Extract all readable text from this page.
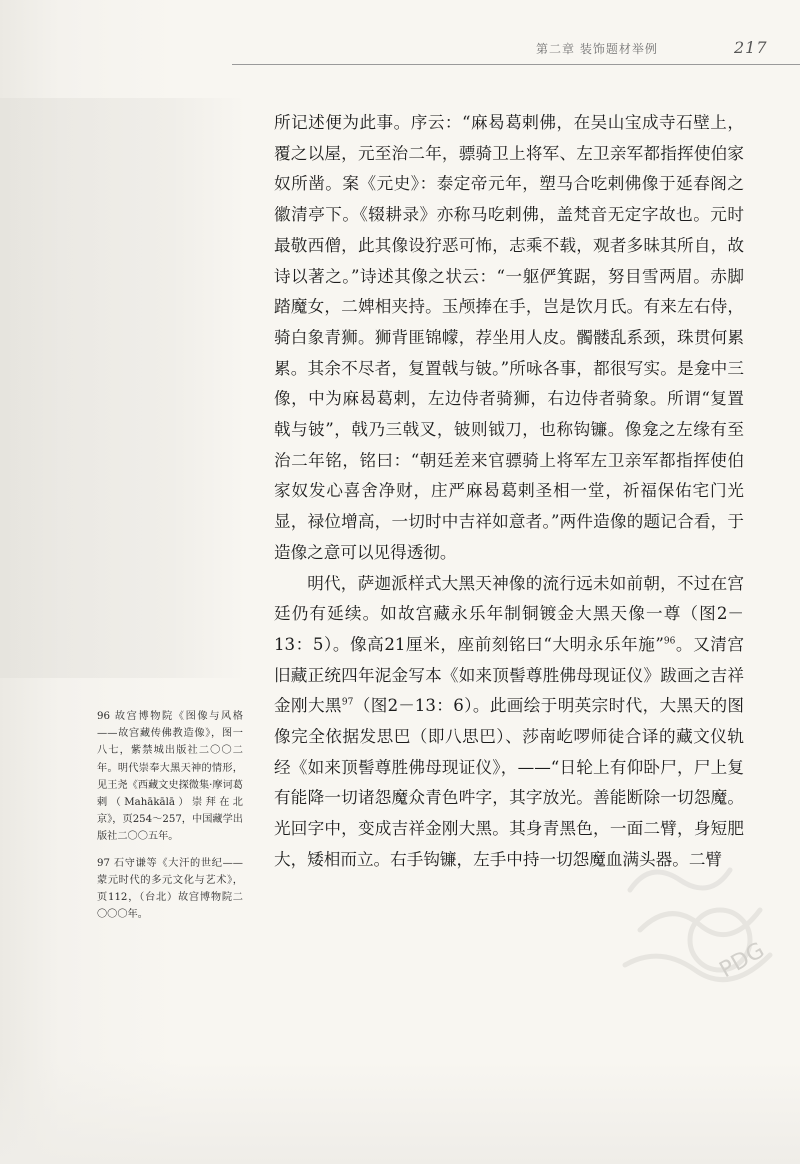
第二章 装饰题材举例	217

所记述便为此事。序云：“麻曷葛剌佛，在吴山宝成寺石壁上，覆之以屋，元至治二年，骠骑卫上将军、左卫亲军都指挥使伯家奴所凿。案《元史》：泰定帝元年，塑马合吃剌佛像于延春阁之徽清亭下。《辍耕录》亦称马吃剌佛，盖梵音无定字故也。元时最敬西僧，此其像设狞恶可怖，志乘不载，观者多昧其所自，故诗以著之。”诗述其像之状云：“一躯俨箕踞，努目雪两眉。赤脚踏魔女，二婢相夹持。玉颅捧在手，岂是饮月氏。有来左右侍，骑白象青狮。狮背匪锦幪，荐坐用人皮。髑髅乱系颈，珠贯何累累。其余不尽者，复置戟与铍。”所咏各事，都很写实。是龛中三像，中为麻曷葛剌，左边侍者骑狮，右边侍者骑象。所谓“复置戟与铍”，戟乃三戟叉，铍则钺刀，也称钩镰。像龛之左缘有至治二年铭，铭曰：“朝廷差来官骠骑上将军左卫亲军都指挥使伯家奴发心喜舍净财，庄严麻曷葛剌圣相一堂，祈福保佑宅门光显，禄位增高，一切时中吉祥如意者。”两件造像的题记合看，于造像之意可以见得透彻。

明代，萨迦派样式大黑天神像的流行远未如前朝，不过在宫廷仍有延续。如故宫藏永乐年制铜镀金大黑天像一尊（图2－13：5）。像高21厘米，座前刻铭曰“大明永乐年施”$^{96}$。又清宫旧藏正统四年泥金写本《如来顶髻尊胜佛母现证仪》跋画之吉祥金刚大黑$^{97}$（图2－13：6）。此画绘于明英宗时代，大黑天的图像完全依据发思巴（即八思巴）、莎南屹啰师徒合译的藏文仪轨经《如来顶髻尊胜佛母现证仪》，——“日轮上有仰卧尸，尸上复有能降一切诸怨魔众青色吽字，其字放光。善能断除一切怨魔。光回字中，变成吉祥金刚大黑。其身青黑色，一面二臂，身短肥大，矮相而立。右手钩镰，左手中持一切怨魔血满头器。二臂

96 故宫博物院《图像与风格——故宫藏传佛教造像》，图一八七，紫禁城出版社二〇〇二年。明代崇奉大黑天神的情形，见王尧《西藏文史探微集·摩诃葛剌（Mahākālā）崇拜在北京》，页254～257，中国藏学出版社二〇〇五年。

97 石守谦等《大汗的世纪——蒙元时代的多元文化与艺术》，页112，（台北）故宫博物院二〇〇〇年。

PDG
